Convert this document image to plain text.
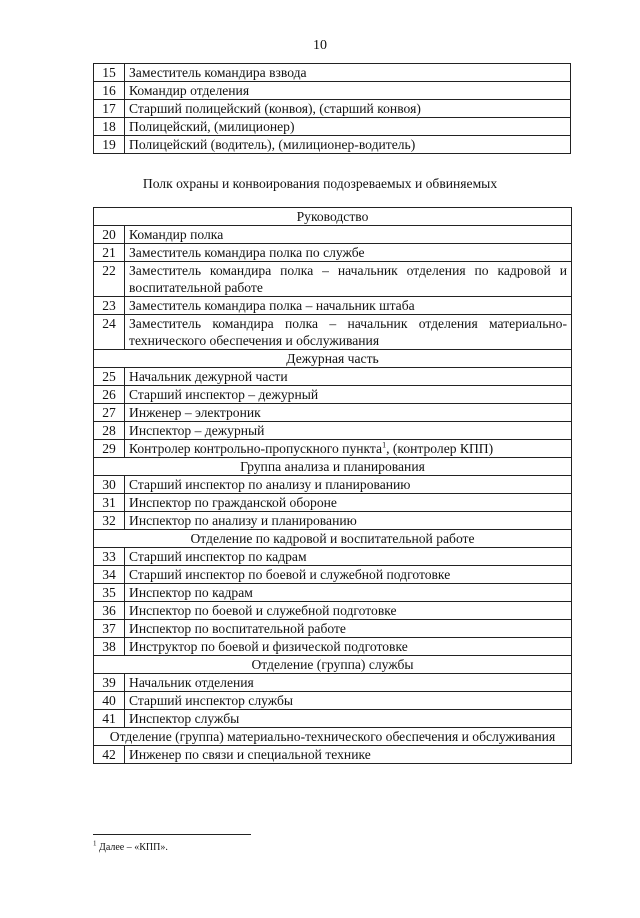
10
15	Заместитель командира взвода
16	Командир отделения
17	Старший полицейский (конвоя), (старший конвоя)
18	Полицейский, (милиционер)
19	Полицейский (водитель), (милиционер-водитель)
Полк охраны и конвоирования подозреваемых и обвиняемых
Руководство	
20	Командир полка
21	Заместитель командира полка по службе
22	Заместитель командира полка – начальник отделения по кадровой и воспитательной работе
23	Заместитель командира полка – начальник штаба
24	Заместитель командира полка – начальник отделения материально-технического обеспечения и обслуживания
Дежурная часть	
25	Начальник дежурной части
26	Старший инспектор – дежурный
27	Инженер – электроник
28	Инспектор – дежурный
29	Контролер контрольно-пропускного пункта$^1$, (контролер КПП)
Группа анализа и планирования	
30	Старший инспектор по анализу и планированию
31	Инспектор по гражданской обороне
32	Инспектор по анализу и планированию
Отделение по кадровой и воспитательной работе	
33	Старший инспектор по кадрам
34	Старший инспектор по боевой и служебной подготовке
35	Инспектор по кадрам
36	Инспектор по боевой и служебной подготовке
37	Инспектор по воспитательной работе
38	Инструктор по боевой и физической подготовке
Отделение (группа) службы	
39	Начальник отделения
40	Старший инспектор службы
41	Инспектор службы
Отделение (группа) материально-технического обеспечения и обслуживания	
42	Инженер по связи и специальной технике
$^1$ Далее – «КПП».
